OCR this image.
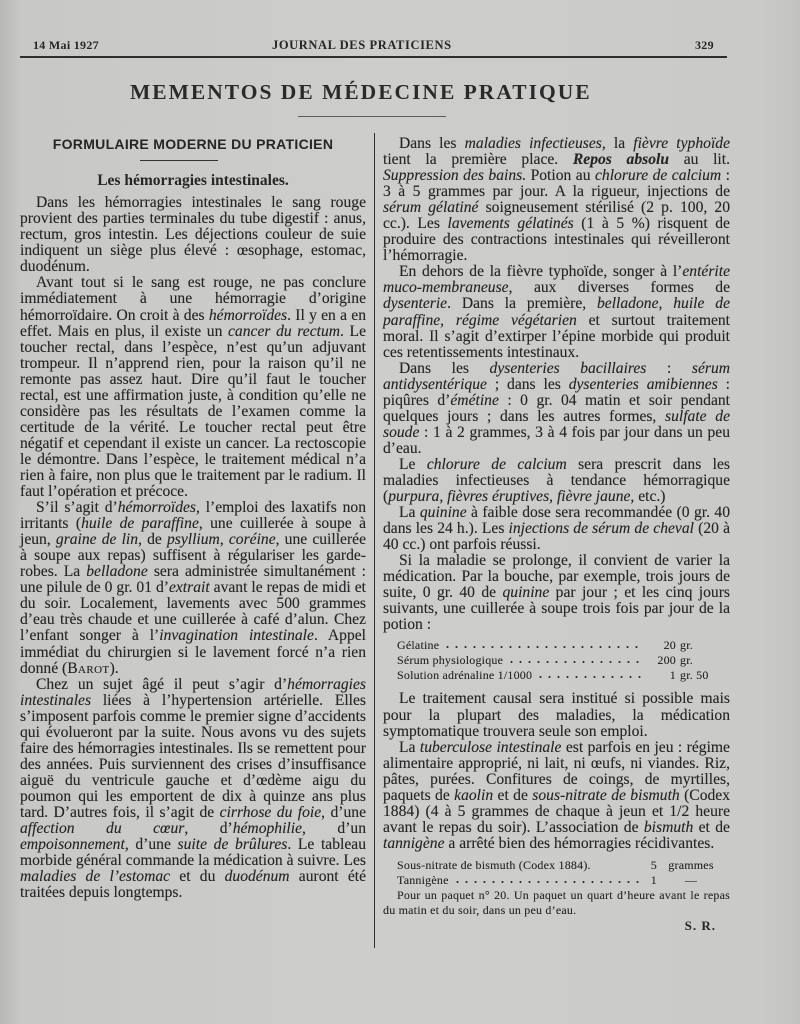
14 Mai 1927	JOURNAL DES PRATICIENS	329
MEMENTOS DE MÉDECINE PRATIQUE
FORMULAIRE MODERNE DU PRATICIEN
Les hémorragies intestinales.

Dans les hémorragies intestinales le sang rouge provient des parties terminales du tube digestif : anus, rectum, gros intestin. Les déjections couleur de suie indiquent un siège plus élevé : œsophage, estomac, duodénum.

Avant tout si le sang est rouge, ne pas conclure immédiatement à une hémorragie d’origine hémorroïdaire. On croit à des hémorroïdes. Il y en a en effet. Mais en plus, il existe un cancer du rectum. Le toucher rectal, dans l’espèce, n’est qu’un adjuvant trompeur. Il n’apprend rien, pour la raison qu’il ne remonte pas assez haut. Dire qu’il faut le toucher rectal, est une affirmation juste, à condition qu’elle ne considère pas les résultats de l’examen comme la certitude de la vérité. Le toucher rectal peut être négatif et cependant il existe un cancer. La rectoscopie le démontre. Dans l’espèce, le traitement médical n’a rien à faire, non plus que le traitement par le radium. Il faut l’opération et précoce.

S’il s’agit d’hémorroïdes, l’emploi des laxatifs non irritants (huile de paraffine, une cuillerée à soupe à jeun, graine de lin, de psyllium, coréine, une cuillerée à soupe aux repas) suffisent à régulariser les garde-robes. La belladone sera administrée simultanément : une pilule de 0 gr. 01 d’extrait avant le repas de midi et du soir. Localement, lavements avec 500 grammes d’eau très chaude et une cuillerée à café d’alun. Chez l’enfant songer à l’invagination intestinale. Appel immédiat du chirurgien si le lavement forcé n’a rien donné (Barot).

Chez un sujet âgé il peut s’agir d’hémorragies intestinales liées à l’hypertension artérielle. Elles s’imposent parfois comme le premier signe d’accidents qui évolueront par la suite. Nous avons vu des sujets faire des hémorragies intestinales. Ils se remettent pour des années. Puis surviennent des crises d’insuffisance aiguë du ventricule gauche et d’œdème aigu du poumon qui les emportent de dix à quinze ans plus tard. D’autres fois, il s’agit de cirrhose du foie, d’une affection du cœur, d’hémophilie, d’un empoisonnement, d’une suite de brûlures. Le tableau morbide général commande la médication à suivre. Les maladies de l’estomac et du duodénum auront été traitées depuis longtemps.

Dans les maladies infectieuses, la fièvre typhoïde tient la première place. Repos absolu au lit. Suppression des bains. Potion au chlorure de calcium : 3 à 5 grammes par jour. A la rigueur, injections de sérum gélatiné soigneusement stérilisé (2 p. 100, 20 cc.). Les lavements gélatinés (1 à 5 %) risquent de produire des contractions intestinales qui réveilleront l’hémorragie.

En dehors de la fièvre typhoïde, songer à l’entérite muco-membraneuse, aux diverses formes de dysenterie. Dans la première, belladone, huile de paraffine, régime végétarien et surtout traitement moral. Il s’agit d’extirper l’épine morbide qui produit ces retentissements intestinaux.

Dans les dysenteries bacillaires : sérum antidysentérique ; dans les dysenteries amibiennes : piqûres d’émétine : 0 gr. 04 matin et soir pendant quelques jours ; dans les autres formes, sulfate de soude : 1 à 2 grammes, 3 à 4 fois par jour dans un peu d’eau.

Le chlorure de calcium sera prescrit dans les maladies infectieuses à tendance hémorragique (purpura, fièvres éruptives, fièvre jaune, etc.)

La quinine à faible dose sera recommandée (0 gr. 40 dans les 24 h.). Les injections de sérum de cheval (20 à 40 cc.) ont parfois réussi.

Si la maladie se prolonge, il convient de varier la médication. Par la bouche, par exemple, trois jours de suite, 0 gr. 40 de quinine par jour ; et les cinq jours suivants, une cuillerée à soupe trois fois par jour de la potion :

Gélatine	20 gr.
Sérum physiologique	200 gr.
Solution adrénaline 1/1000	1 gr. 50

Le traitement causal sera institué si possible mais pour la plupart des maladies, la médication symptomatique trouvera seule son emploi.

La tuberculose intestinale est parfois en jeu : régime alimentaire approprié, ni lait, ni œufs, ni viandes. Riz, pâtes, purées. Confitures de coings, de myrtilles, paquets de kaolin et de sous-nitrate de bismuth (Codex 1884) (4 à 5 grammes de chaque à jeun et 1/2 heure avant le repas du soir). L’association de bismuth et de tannigène a arrêté bien des hémorragies récidivantes.

Sous-nitrate de bismuth (Codex 1884).	5 grammes
Tannigène	1	—

Pour un paquet n° 20. Un paquet un quart d’heure avant le repas du matin et du soir, dans un peu d’eau.

S. R.
